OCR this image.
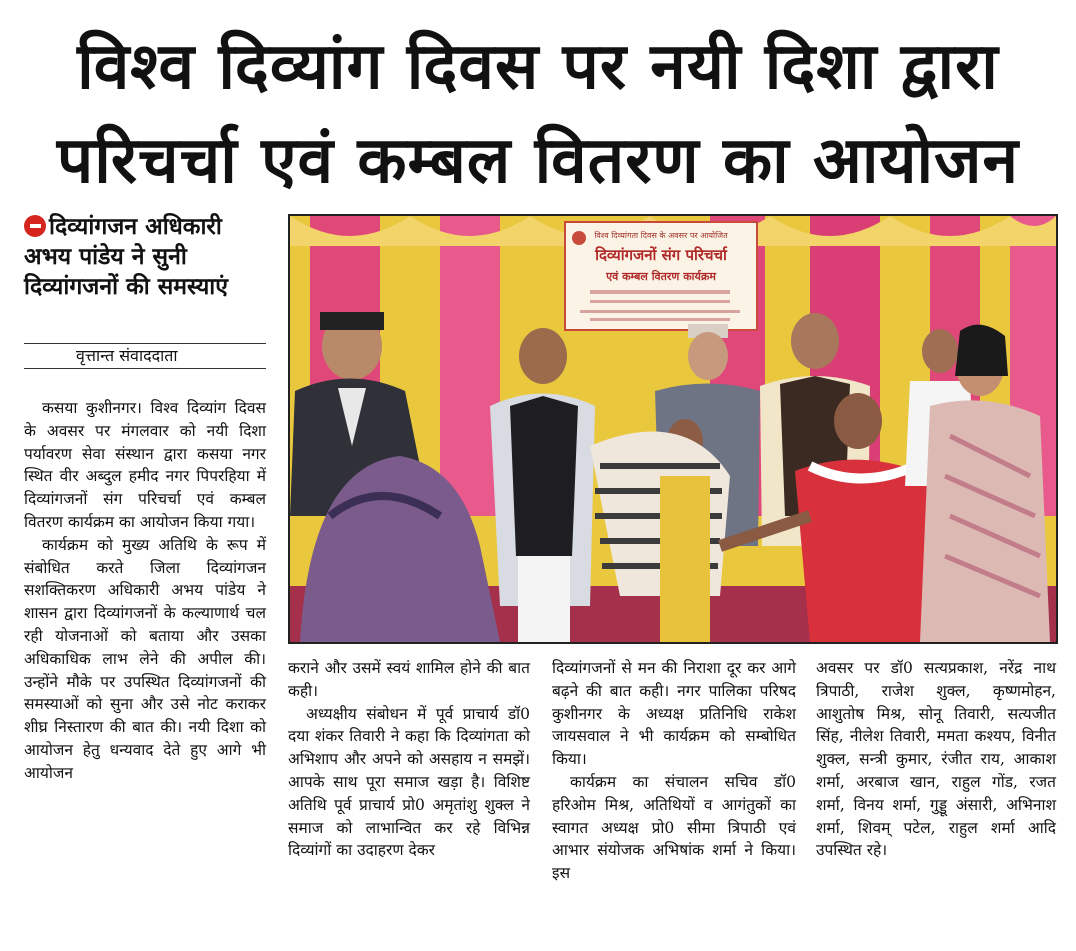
विश्व दिव्यांग दिवस पर नयी दिशा द्वारा
परिचर्चा एवं कम्बल वितरण का आयोजन
दिव्यांगजन अधिकारी अभय पांडेय ने सुनी दिव्यांगजनों की समस्याएं
वृत्तान्त संवाददाता
विश्व दिव्यांगता दिवस के अवसर पर आयोजित
दिव्यांगजनों संग परिचर्चा
एवं कम्बल वितरण कार्यक्रम

कसया कुशीनगर। विश्व दिव्यांग दिवस के अवसर पर मंगलवार को नयी दिशा पर्यावरण सेवा संस्थान द्वारा कसया नगर स्थित वीर अब्दुल हमीद नगर पिपरहिया में दिव्यांगजनों संग परिचर्चा एवं कम्बल वितरण कार्यक्रम का आयोजन किया गया।

कार्यक्रम को मुख्य अतिथि के रूप में संबोधित करते जिला दिव्यांगजन सशक्तिकरण अधिकारी अभय पांडेय ने शासन द्वारा दिव्यांगजनों के कल्याणार्थ चल रही योजनाओं को बताया और उसका अधिकाधिक लाभ लेने की अपील की। उन्होंने मौके पर उपस्थित दिव्यांगजनों की समस्याओं को सुना और उसे नोट कराकर शीघ्र निस्तारण की बात की। नयी दिशा को आयोजन हेतु धन्यवाद देते हुए आगे भी आयोजन

कराने और उसमें स्वयं शामिल होने की बात कही।

अध्यक्षीय संबोधन में पूर्व प्राचार्य डॉ0 दया शंकर तिवारी ने कहा कि दिव्यांगता को अभिशाप और अपने को असहाय न समझें। आपके साथ पूरा समाज खड़ा है। विशिष्ट अतिथि पूर्व प्राचार्य प्रो0 अमृतांशु शुक्ल ने समाज को लाभान्वित कर रहे विभिन्न दिव्यांगों का उदाहरण देकर

दिव्यांगजनों से मन की निराशा दूर कर आगे बढ़ने की बात कही। नगर पालिका परिषद कुशीनगर के अध्यक्ष प्रतिनिधि राकेश जायसवाल ने भी कार्यक्रम को सम्बोधित किया।

कार्यक्रम का संचालन सचिव डॉ0 हरिओम मिश्र, अतिथियों व आगंतुकों का स्वागत अध्यक्ष प्रो0 सीमा त्रिपाठी एवं आभार संयोजक अभिषांक शर्मा ने किया। इस

अवसर पर डॉ0 सत्यप्रकाश, नरेंद्र नाथ त्रिपाठी, राजेश शुक्ल, कृष्णमोहन, आशुतोष मिश्र, सोनू तिवारी, सत्यजीत सिंह, नीलेश तिवारी, ममता कश्यप, विनीत शुक्ल, सन्त्री कुमार, रंजीत राय, आकाश शर्मा, अरबाज खान, राहुल गोंड, रजत शर्मा, विनय शर्मा, गुड्डू अंसारी, अभिनाश शर्मा, शिवम् पटेल, राहुल शर्मा आदि उपस्थित रहे।
